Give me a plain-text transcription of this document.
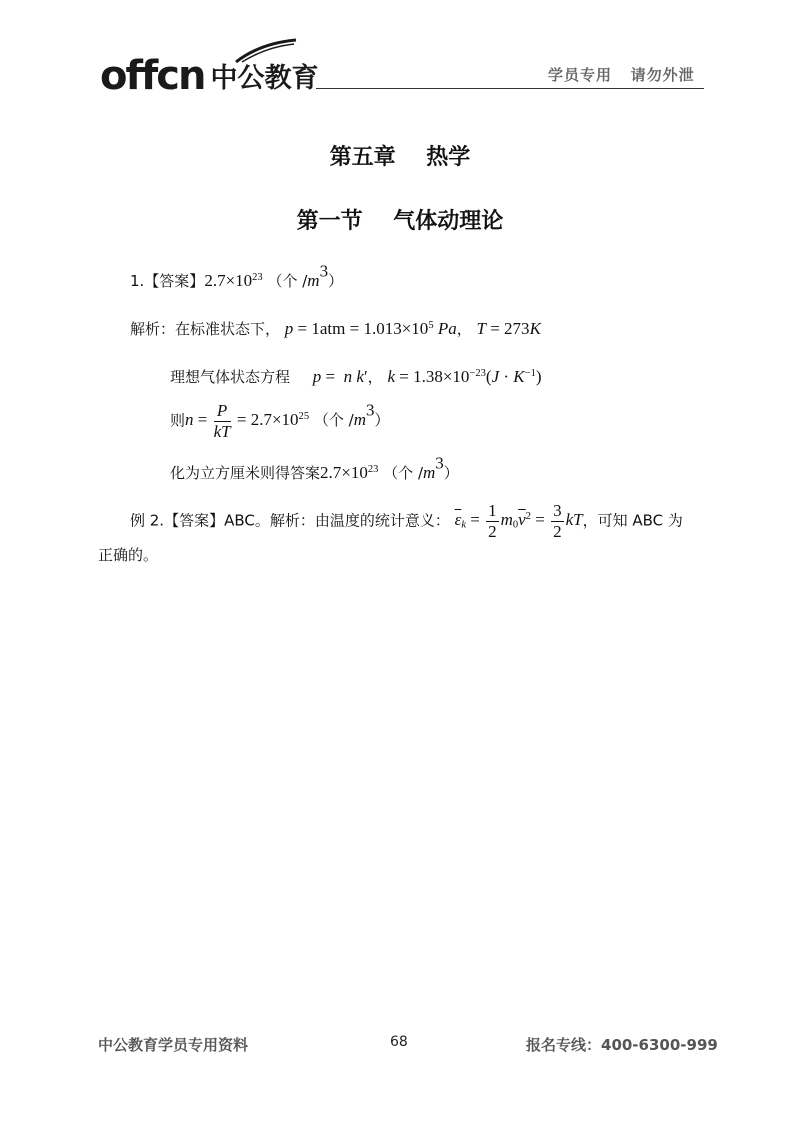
offcn 中公教育	学员专用   请勿外泄
第五章    热学
第一节    气体动理论
1.【答案】$2.7\times 10^{23}$ （个 $/m^3$）
解析：在标准状态下， $p = 1atm = 1.013\times 10^5$ Pa， T = 273K
理想气体状态方程 p =  n kʹ， $k = 1.38\times 10^{-23}(J \cdot K^{-1})$
则$n = \frac{P}{kT} = 2.7\times 10^{25}$ （个 $/m^3$）
化为立方厘米则得答案$2.7\times 10^{23}$ （个 $/m^3$）
例 2.【答案】ABC。解析：由温度的统计意义： $\overline{\varepsilon}_k = \frac{1}{2} m_0\overline{v}^2 = \frac{3}{2}$ kT，可知 ABC 为
正确的。
中公教育学员专用资料	68	报名专线：400-6300-999
